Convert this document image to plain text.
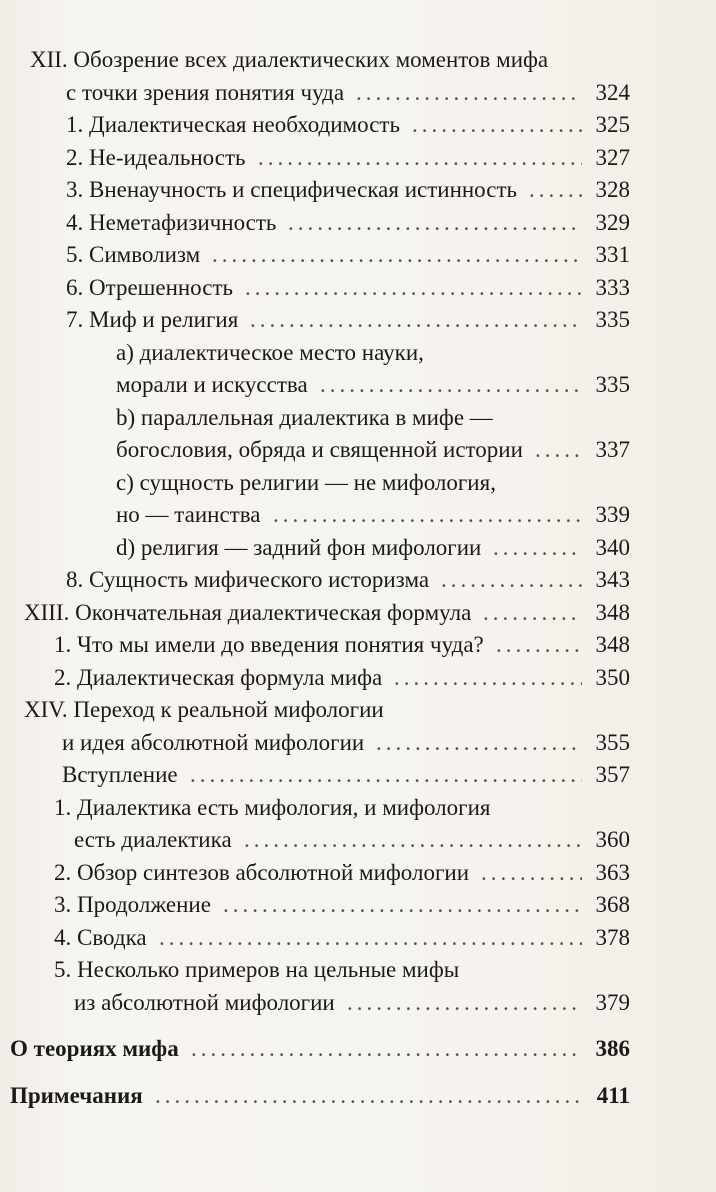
XII. Обозрение всех диалектических моментов мифа
с точки зрения понятия чуда .....	324
1. Диалектическая необходимость .....	325
2. Не-идеальность .....	327
3. Вненаучность и специфическая истинность .....	328
4. Неметафизичность .....	329
5. Символизм .....	331
6. Отрешенность .....	333
7. Миф и религия .....	335
a) диалектическое место науки,
морали и искусства .....	335
b) параллельная диалектика в мифе —
богословия, обряда и священной истории .....	337
c) сущность религии — не мифология,
но — таинства .....	339
d) религия — задний фон мифологии .....	340
8. Сущность мифического историзма .....	343
XIII. Окончательная диалектическая формула .....	348
1. Что мы имели до введения понятия чуда? .....	348
2. Диалектическая формула мифа .....	350
XIV. Переход к реальной мифологии
и идея абсолютной мифологии .....	355
Вступление .....	357
1. Диалектика есть мифология, и мифология
есть диалектика .....	360
2. Обзор синтезов абсолютной мифологии .....	363
3. Продолжение .....	368
4. Сводка .....	378
5. Несколько примеров на цельные мифы
из абсолютной мифологии .....	379
О теориях мифа .....	386
Примечания .....	411
